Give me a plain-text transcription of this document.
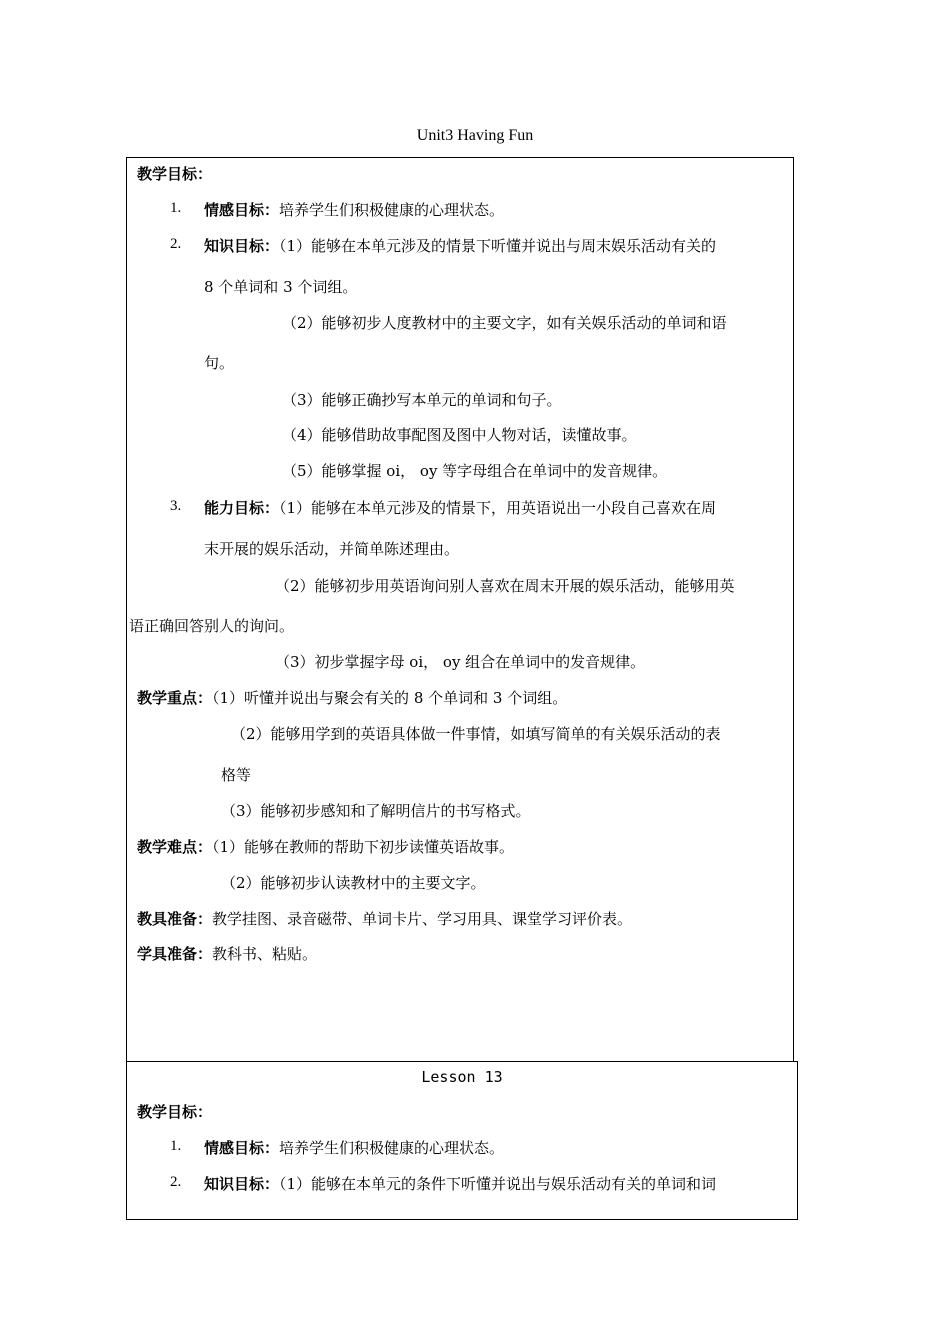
Unit3 Having Fun
教学目标：
1. 情感目标：培养学生们积极健康的心理状态。
2. 知识目标：（1）能够在本单元涉及的情景下听懂并说出与周末娱乐活动有关的
8 个单词和 3 个词组。
（2）能够初步人度教材中的主要文字，如有关娱乐活动的单词和语
句。
（3）能够正确抄写本单元的单词和句子。
（4）能够借助故事配图及图中人物对话，读懂故事。
（5）能够掌握 oi， oy 等字母组合在单词中的发音规律。
3. 能力目标：（1）能够在本单元涉及的情景下，用英语说出一小段自己喜欢在周
末开展的娱乐活动，并简单陈述理由。
（2）能够初步用英语询问别人喜欢在周末开展的娱乐活动，能够用英
语正确回答别人的询问。
（3）初步掌握字母 oi， oy 组合在单词中的发音规律。
教学重点：（1）听懂并说出与聚会有关的 8 个单词和 3 个词组。
（2）能够用学到的英语具体做一件事情，如填写简单的有关娱乐活动的表
格等
（3）能够初步感知和了解明信片的书写格式。
教学难点：（1）能够在教师的帮助下初步读懂英语故事。
（2）能够初步认读教材中的主要文字。
教具准备：教学挂图、录音磁带、单词卡片、学习用具、课堂学习评价表。
学具准备：教科书、粘贴。
Lesson 13
教学目标：
1. 情感目标：培养学生们积极健康的心理状态。
2. 知识目标：（1）能够在本单元的条件下听懂并说出与娱乐活动有关的单词和词
